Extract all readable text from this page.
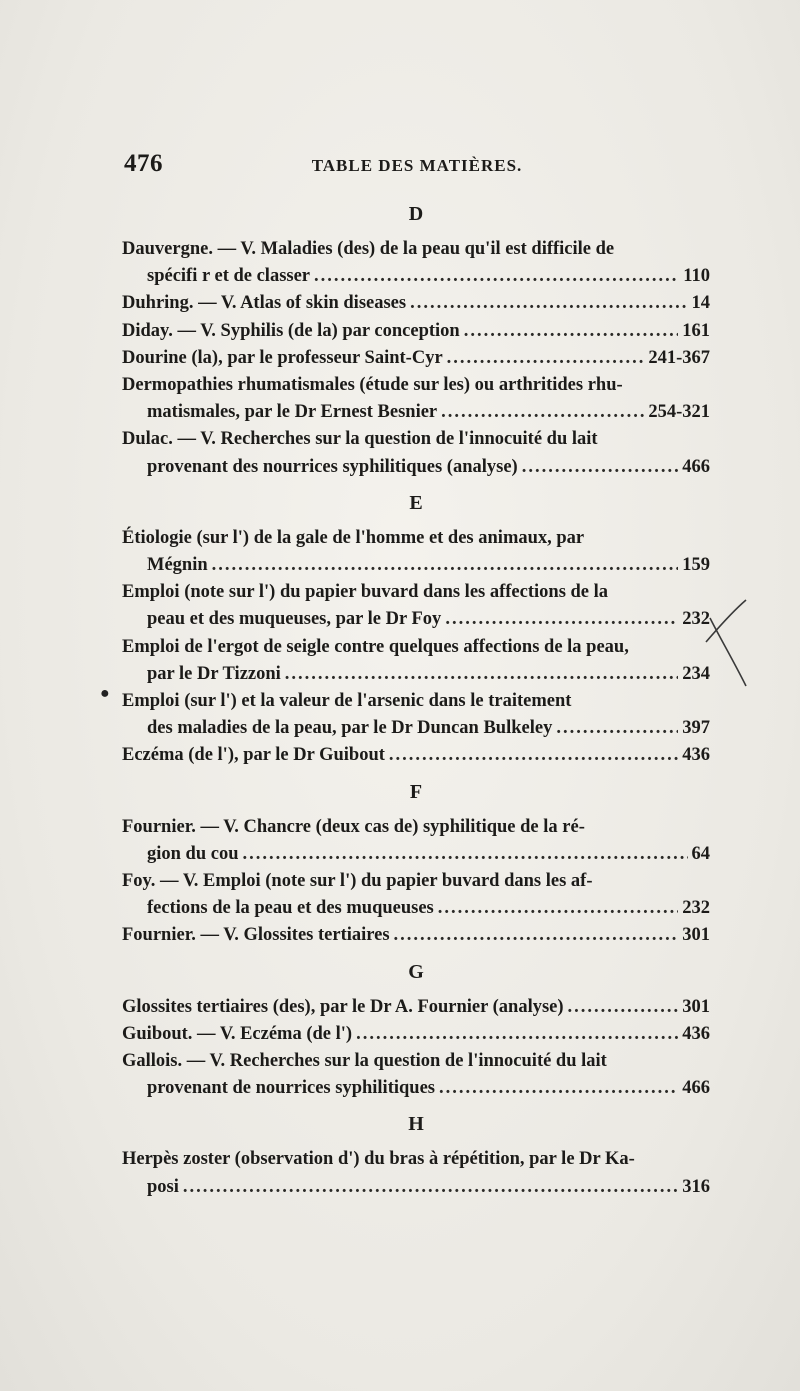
476	TABLE DES MATIÈRES.
D
Dauvergne. — V. Maladies (des) de la peau qu'il est difficile de
spécifi r et de classer .....	110
Duhring. — V. Atlas of skin diseases .....	14
Diday. — V. Syphilis (de la) par conception .....	161
Dourine (la), par le professeur Saint-Cyr .....	241-367
Dermopathies rhumatismales (étude sur les) ou arthritides rhu-
matismales, par le Dr Ernest Besnier .....	254-321
Dulac. — V. Recherches sur la question de l'innocuité du lait
provenant des nourrices syphilitiques (analyse) .....	466
E
Étiologie (sur l') de la gale de l'homme et des animaux, par
Mégnin .....	159
Emploi (note sur l') du papier buvard dans les affections de la
peau et des muqueuses, par le Dr Foy .....	232
Emploi de l'ergot de seigle contre quelques affections de la peau,
par le Dr Tizzoni .....	234
Emploi (sur l') et la valeur de l'arsenic dans le traitement
des maladies de la peau, par le Dr Duncan Bulkeley .....	397
Eczéma (de l'), par le Dr Guibout .....	436
F
Fournier. — V. Chancre (deux cas de) syphilitique de la ré-
gion du cou .....	64
Foy. — V. Emploi (note sur l') du papier buvard dans les af-
fections de la peau et des muqueuses .....	232
Fournier. — V. Glossites tertiaires .....	301
G
Glossites tertiaires (des), par le Dr A. Fournier (analyse) .....	301
Guibout. — V. Eczéma (de l') .....	436
Gallois. — V. Recherches sur la question de l'innocuité du lait
provenant de nourrices syphilitiques .....	466
H
Herpès zoster (observation d') du bras à répétition, par le Dr Ka-
posi .....	316
●
